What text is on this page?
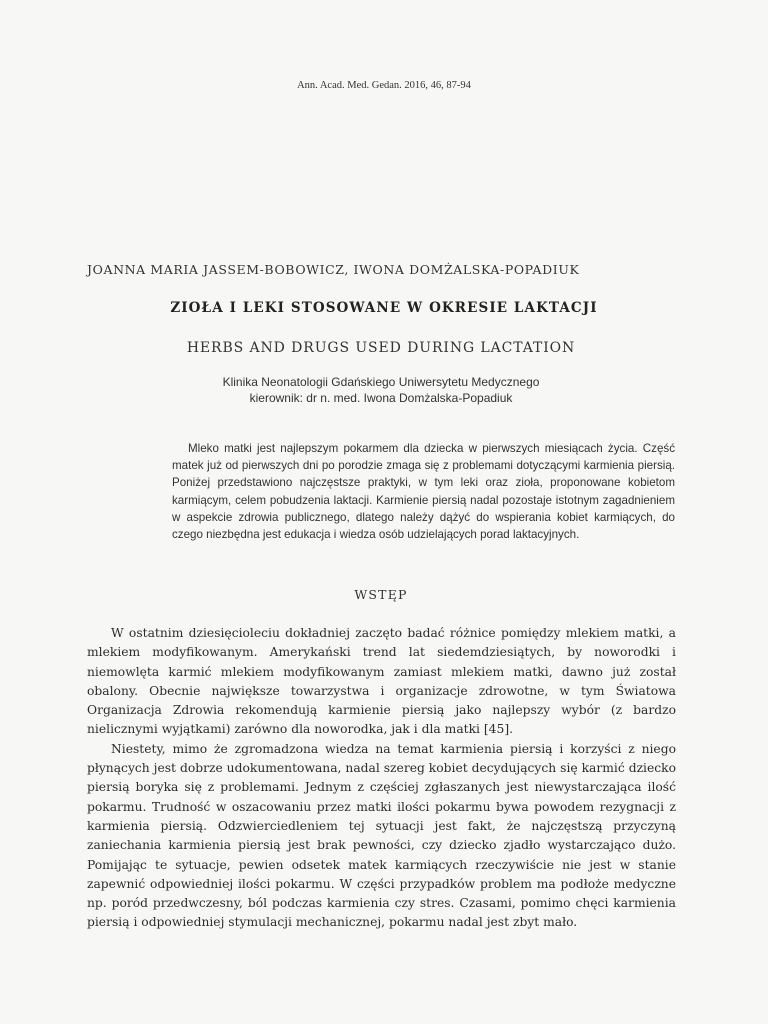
Ann. Acad. Med. Gedan. 2016, 46, 87-94
JOANNA MARIA JASSEM-BOBOWICZ, IWONA DOMŻALSKA-POPADIUK
ZIOŁA I LEKI STOSOWANE W OKRESIE LAKTACJI
HERBS AND DRUGS USED DURING LACTATION
Klinika Neonatologii Gdańskiego Uniwersytetu Medycznego
kierownik: dr n. med. Iwona Domżalska-Popadiuk

Mleko matki jest najlepszym pokarmem dla dziecka w pierwszych miesiącach życia. Część matek już od pierwszych dni po porodzie zmaga się z problemami dotyczącymi karmienia piersią. Poniżej przedstawiono najczęstsze praktyki, w tym leki oraz zioła, proponowane kobietom karmiącym, celem pobudzenia laktacji. Karmienie piersią nadal pozostaje istotnym zagadnieniem w aspekcie zdrowia publicznego, dlatego należy dążyć do wspierania kobiet karmiących, do czego niezbędna jest edukacja i wiedza osób udzielających porad laktacyjnych.

WSTĘP

W ostatnim dziesięcioleciu dokładniej zaczęto badać różnice pomiędzy mlekiem matki, a mlekiem modyfikowanym. Amerykański trend lat siedemdziesiątych, by noworodki i niemowlęta karmić mlekiem modyfikowanym zamiast mlekiem matki, dawno już został obalony. Obecnie największe towarzystwa i organizacje zdrowotne, w tym Światowa Organizacja Zdrowia rekomendują karmienie piersią jako najlepszy wybór (z bardzo nielicznymi wyjątkami) zarówno dla noworodka, jak i dla matki [45].

Niestety, mimo że zgromadzona wiedza na temat karmienia piersią i korzyści z niego płynących jest dobrze udokumentowana, nadal szereg kobiet decydujących się karmić dziecko piersią boryka się z problemami. Jednym z częściej zgłaszanych jest niewystarczająca ilość pokarmu. Trudność w oszacowaniu przez matki ilości pokarmu bywa powodem rezygnacji z karmienia piersią. Odzwierciedleniem tej sytuacji jest fakt, że najczęstszą przyczyną zaniechania karmienia piersią jest brak pewności, czy dziecko zjadło wystarczająco dużo. Pomijając te sytuacje, pewien odsetek matek karmiących rzeczywiście nie jest w stanie zapewnić odpowiedniej ilości pokarmu. W części przypadków problem ma podłoże medyczne np. poród przedwczesny, ból podczas karmienia czy stres. Czasami, pomimo chęci karmienia piersią i odpowiedniej stymulacji mechanicznej, pokarmu nadal jest zbyt mało.
